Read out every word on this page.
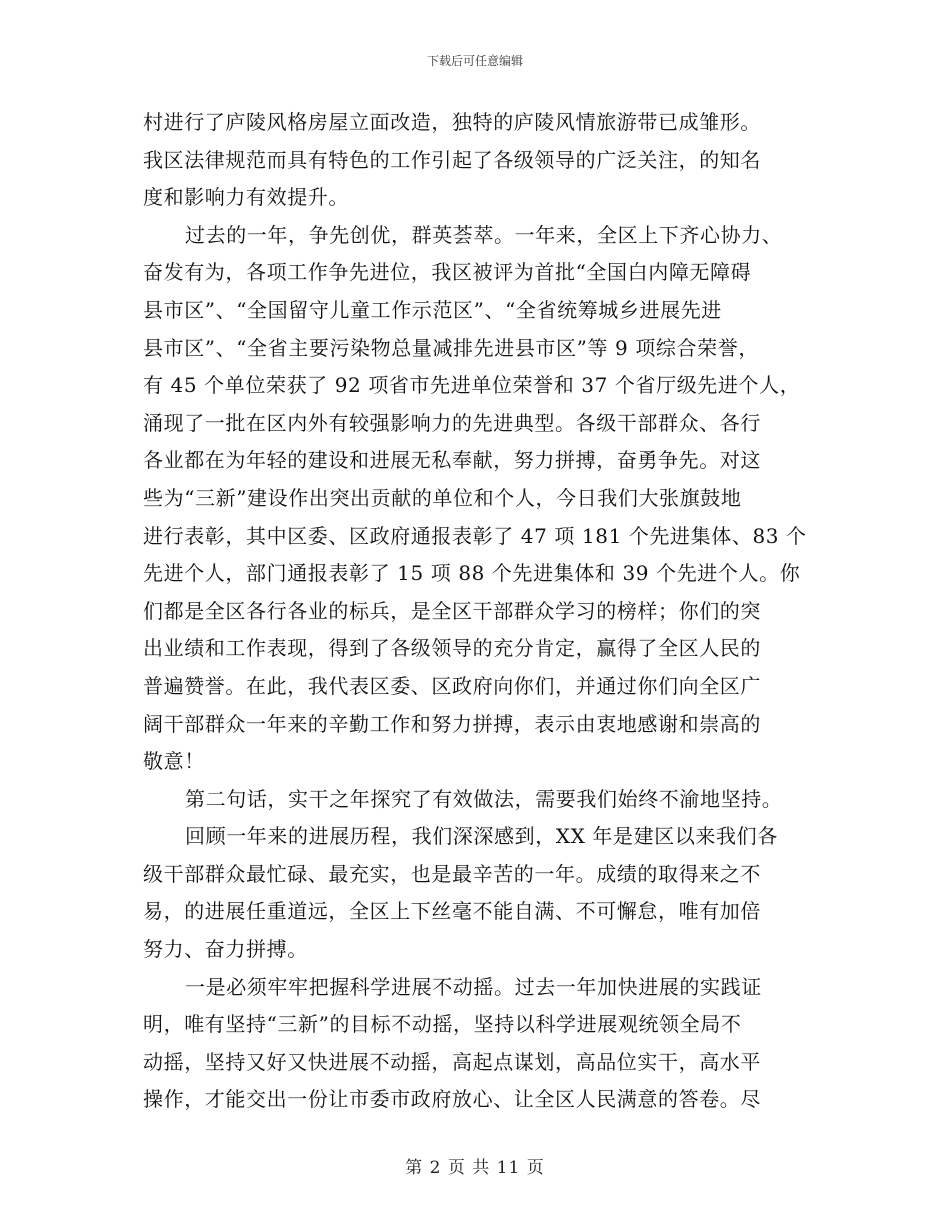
下载后可任意编辑
村进行了庐陵风格房屋立面改造，独特的庐陵风情旅游带已成雏形。
我区法律规范而具有特色的工作引起了各级领导的广泛关注，的知名
度和影响力有效提升。
过去的一年，争先创优，群英荟萃。一年来，全区上下齐心协力、
奋发有为，各项工作争先进位，我区被评为首批“全国白内障无障碍
县市区”、“全国留守儿童工作示范区”、“全省统筹城乡进展先进
县市区”、“全省主要污染物总量减排先进县市区”等 9 项综合荣誉，
有 45 个单位荣获了 92 项省市先进单位荣誉和 37 个省厅级先进个人，
涌现了一批在区内外有较强影响力的先进典型。各级干部群众、各行
各业都在为年轻的建设和进展无私奉献，努力拼搏，奋勇争先。对这
些为“三新”建设作出突出贡献的单位和个人，今日我们大张旗鼓地
进行表彰，其中区委、区政府通报表彰了 47 项 181 个先进集体、83 个
先进个人，部门通报表彰了 15 项 88 个先进集体和 39 个先进个人。你
们都是全区各行各业的标兵，是全区干部群众学习的榜样；你们的突
出业绩和工作表现，得到了各级领导的充分肯定，赢得了全区人民的
普遍赞誉。在此，我代表区委、区政府向你们，并通过你们向全区广
阔干部群众一年来的辛勤工作和努力拼搏，表示由衷地感谢和崇高的
敬意！
第二句话，实干之年探究了有效做法，需要我们始终不渝地坚持。
回顾一年来的进展历程，我们深深感到，XX 年是建区以来我们各
级干部群众最忙碌、最充实，也是最辛苦的一年。成绩的取得来之不
易，的进展任重道远，全区上下丝毫不能自满、不可懈怠，唯有加倍
努力、奋力拼搏。
一是必须牢牢把握科学进展不动摇。过去一年加快进展的实践证
明，唯有坚持“三新”的目标不动摇，坚持以科学进展观统领全局不
动摇，坚持又好又快进展不动摇，高起点谋划，高品位实干，高水平
操作，才能交出一份让市委市政府放心、让全区人民满意的答卷。尽
第 2 页 共 11 页
